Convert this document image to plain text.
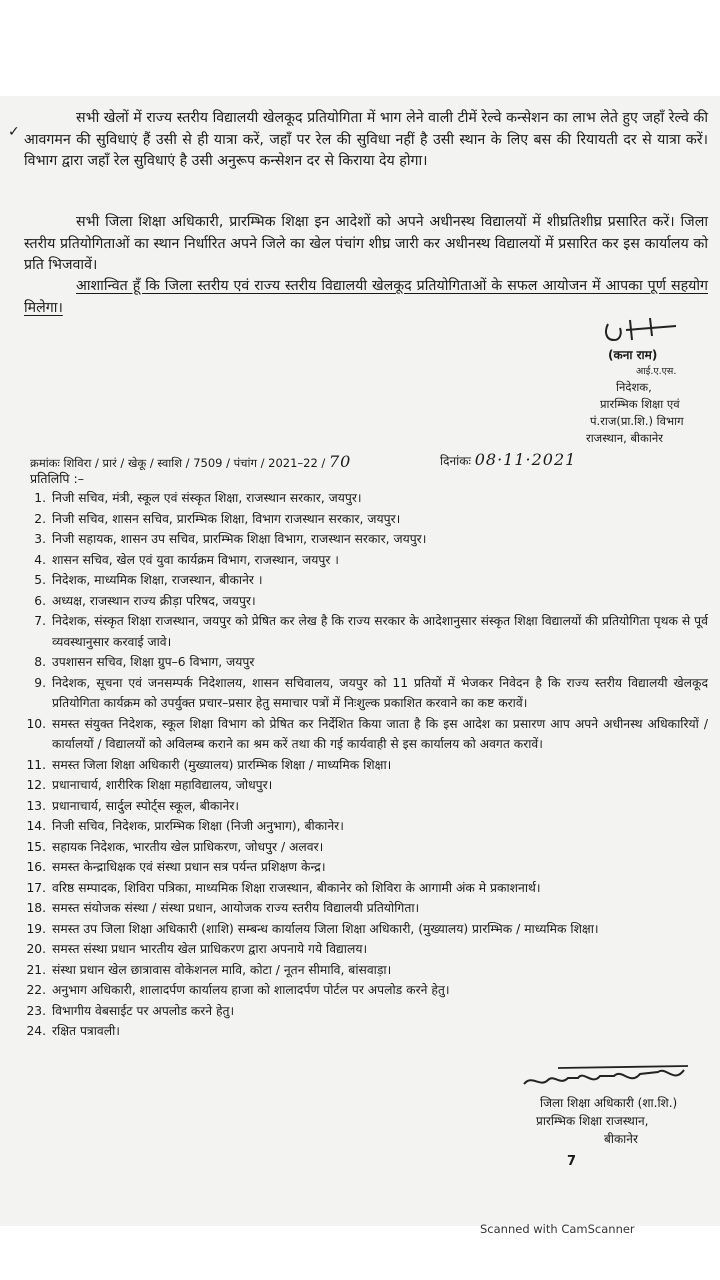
✓

सभी खेलों में राज्य स्तरीय विद्यालयी खेलकूद प्रतियोगिता में भाग लेने वाली टीमें रेल्वे कन्सेशन का लाभ लेते हुए जहाँ रेल्वे की आवगमन की सुविधाएं हैं उसी से ही यात्रा करें, जहाँ पर रेल की सुविधा नहीं है उसी स्थान के लिए बस की रियायती दर से यात्रा करें। विभाग द्वारा जहाँ रेल सुविधाएं है उसी अनुरूप कन्सेशन दर से किराया देय होगा।

सभी जिला शिक्षा अधिकारी, प्रारम्भिक शिक्षा इन आदेशों को अपने अधीनस्थ विद्यालयों में शीघ्रतिशीघ्र प्रसारित करें। जिला स्तरीय प्रतियोगिताओं का स्थान निर्धारित अपने जिले का खेल पंचांग शीघ्र जारी कर अधीनस्थ विद्यालयों में प्रसारित कर इस कार्यालय को प्रति भिजवावें।

आशान्वित हूँ कि जिला स्तरीय एवं राज्य स्तरीय विद्यालयी खेलकूद प्रतियोगिताओं के सफल आयोजन में आपका पूर्ण सहयोग मिलेगा।

(कना राम)
आई.ए.एस.
निदेशक,
प्रारम्भिक शिक्षा एवं
पं.राज(प्रा.शि.) विभाग
राजस्थान, बीकानेर
क्रमांकः शिविरा / प्रारं / खेकू / स्वाशि / 7509 / पंचांग / 2021–22 / 70	दिनांकः 08·11·2021
प्रतिलिपि :–
1. निजी सचिव, मंत्री, स्कूल एवं संस्कृत शिक्षा, राजस्थान सरकार, जयपुर।
2. निजी सचिव, शासन सचिव, प्रारम्भिक शिक्षा, विभाग राजस्थान सरकार, जयपुर।
3. निजी सहायक, शासन उप सचिव, प्रारम्भिक शिक्षा विभाग, राजस्थान सरकार, जयपुर।
4. शासन सचिव, खेल एवं युवा कार्यक्रम विभाग, राजस्थान, जयपुर ।
5. निदेशक, माध्यमिक शिक्षा, राजस्थान, बीकानेर ।
6. अध्यक्ष, राजस्थान राज्य क्रीड़ा परिषद, जयपुर।
7. निदेशक, संस्कृत शिक्षा राजस्थान, जयपुर को प्रेषित कर लेख है कि राज्य सरकार के आदेशानुसार संस्कृत शिक्षा विद्यालयों की प्रतियोगिता पृथक से पूर्व व्यवस्थानुसार करवाई जावे।
8. उपशासन सचिव, शिक्षा ग्रुप–6 विभाग, जयपुर
9. निदेशक, सूचना एवं जनसम्पर्क निदेशालय, शासन सचिवालय, जयपुर को 11 प्रतियों में भेजकर निवेदन है कि राज्य स्तरीय विद्यालयी खेलकूद प्रतियोगिता कार्यक्रम को उपर्युक्त प्रचार–प्रसार हेतु समाचार पत्रों में निःशुल्क प्रकाशित करवाने का कष्ट करावें।
10. समस्त संयुक्त निदेशक, स्कूल शिक्षा विभाग को प्रेषित कर निर्देशित किया जाता है कि इस आदेश का प्रसारण आप अपने अधीनस्थ अधिकारियों / कार्यालयों / विद्यालयों को अविलम्ब कराने का श्रम करें तथा की गई कार्यवाही से इस कार्यालय को अवगत करावें।
11. समस्त जिला शिक्षा अधिकारी (मुख्यालय) प्रारम्भिक शिक्षा / माध्यमिक शिक्षा।
12. प्रधानाचार्य, शारीरिक शिक्षा महाविद्यालय, जोधपुर।
13. प्रधानाचार्य, सार्दुल स्पोर्ट्स स्कूल, बीकानेर।
14. निजी सचिव, निदेशक, प्रारम्भिक शिक्षा (निजी अनुभाग), बीकानेर।
15. सहायक निदेशक, भारतीय खेल प्राधिकरण, जोधपुर / अलवर।
16. समस्त केन्द्राधिक्षक एवं संस्था प्रधान सत्र पर्यन्त प्रशिक्षण केन्द्र।
17. वरिष्ठ सम्पादक, शिविरा पत्रिका, माध्यमिक शिक्षा राजस्थान, बीकानेर को शिविरा के आगामी अंक मे प्रकाशनार्थ।
18. समस्त संयोजक संस्था / संस्था प्रधान, आयोजक राज्य स्तरीय विद्यालयी प्रतियोगिता।
19. समस्त उप जिला शिक्षा अधिकारी (शाशि) सम्बन्ध कार्यालय जिला शिक्षा अधिकारी, (मुख्यालय) प्रारम्भिक / माध्यमिक शिक्षा।
20. समस्त संस्था प्रधान भारतीय खेल प्राधिकरण द्वारा अपनाये गये विद्यालय।
21. संस्था प्रधान खेल छात्रावास वोकेशनल मावि, कोटा / नूतन सीमावि, बांसवाड़ा।
22. अनुभाग अधिकारी, शालादर्पण कार्यालय हाजा को शालादर्पण पोर्टल पर अपलोड करने हेतु।
23. विभागीय वेबसाईट पर अपलोड करने हेतु।
24. रक्षित पत्रावली।
जिला शिक्षा अधिकारी (शा.शि.)
प्रारम्भिक शिक्षा राजस्थान,
बीकानेर
7
Scanned with CamScanner
